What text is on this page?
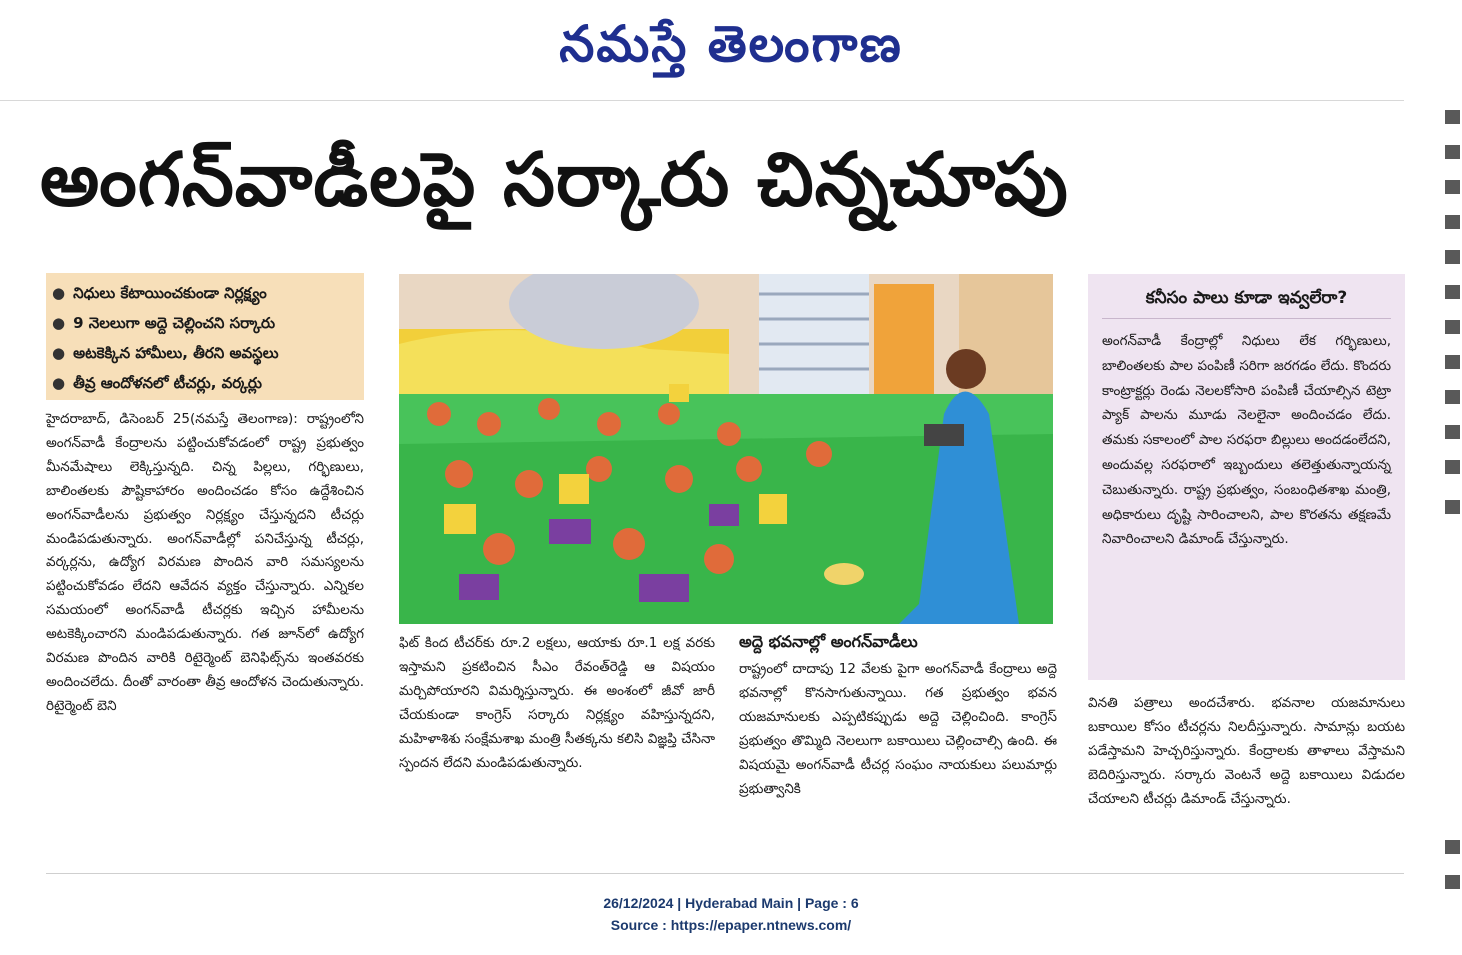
నమస్తే తెలంగాణ
అంగన్‌వాడీలపై సర్కారు చిన్నచూపు
● నిధులు కేటాయించకుండా నిర్లక్ష్యం
● 9 నెలలుగా అద్దె చెల్లించని సర్కారు
● అటకెక్కిన హామీలు, తీరని అవస్థలు
● తీవ్ర ఆందోళనలో టీచర్లు, వర్కర్లు

హైదరాబాద్, డిసెంబర్ 25(నమస్తే తెలంగాణ): రాష్ట్రంలోని అంగన్‌వాడీ కేంద్రాలను పట్టించుకోవడంలో రాష్ట్ర ప్రభుత్వం మీనమేషాలు లెక్కిస్తున్నది. చిన్న పిల్లలు, గర్భిణులు, బాలింతలకు పౌష్టికాహారం అందించడం కోసం ఉద్దేశించిన అంగన్‌వాడీలను ప్రభుత్వం నిర్లక్ష్యం చేస్తున్నదని టీచర్లు మండిపడుతున్నారు. అంగన్‌వాడీల్లో పనిచేస్తున్న టీచర్లు, వర్కర్లను, ఉద్యోగ విరమణ పొందిన వారి సమస్యలను పట్టించుకోవడం లేదని ఆవేదన వ్యక్తం చేస్తున్నారు. ఎన్నికల సమయంలో అంగన్‌వాడీ టీచర్లకు ఇచ్చిన హామీలను అటకెక్కించారని మండిపడుతున్నారు. గత జూన్‌లో ఉద్యోగ విరమణ పొందిన వారికి రిటైర్మెంట్ బెనిఫిట్స్‌ను ఇంతవరకు అందించలేదు. దీంతో వారంతా తీవ్ర ఆందోళన చెందుతున్నారు. రిటైర్మెంట్ బెని

ఫిట్ కింద టీచర్‌కు రూ.2 లక్షలు, ఆయాకు రూ.1 లక్ష వరకు ఇస్తామని ప్రకటించిన సీఎం రేవంత్‌రెడ్డి ఆ విషయం మర్చిపోయారని విమర్శిస్తున్నారు. ఈ అంశంలో జీవో జారీ చేయకుండా కాంగ్రెస్ సర్కారు నిర్లక్ష్యం వహిస్తున్నదని, మహిళాశిశు సంక్షేమశాఖ మంత్రి సీతక్కను కలిసి విజ్ఞప్తి చేసినా స్పందన లేదని మండిపడుతున్నారు.

అద్దె భవనాల్లో అంగన్‌వాడీలు

రాష్ట్రంలో దాదాపు 12 వేలకు పైగా అంగన్‌వాడీ కేంద్రాలు అద్దె భవనాల్లో కొనసాగుతున్నాయి. గత ప్రభుత్వం భవన యజమానులకు ఎప్పటికప్పుడు అద్దె చెల్లించింది. కాంగ్రెస్ ప్రభుత్వం తొమ్మిది నెలలుగా బకాయిలు చెల్లించాల్సి ఉంది. ఈ విషయమై అంగన్‌వాడీ టీచర్ల సంఘం నాయకులు పలుమార్లు ప్రభుత్వానికి

కనీసం పాలు కూడా ఇవ్వలేరా?
అంగన్‌వాడీ కేంద్రాల్లో నిధులు లేక గర్భిణులు, బాలింతలకు పాల పంపిణీ సరిగా జరగడం లేదు. కొందరు కాంట్రాక్టర్లు రెండు నెలలకోసారి పంపిణీ చేయాల్సిన టెట్రా ప్యాక్ పాలను మూడు నెలలైనా అందించడం లేదు. తమకు సకాలంలో పాల సరఫరా బిల్లులు అందడంలేదని, అందువల్ల సరఫరాలో ఇబ్బందులు తలెత్తుతున్నాయన్న చెబుతున్నారు. రాష్ట్ర ప్రభుత్వం, సంబంధితశాఖ మంత్రి, అధికారులు దృష్టి సారించాలని, పాల కొరతను తక్షణమే నివారించాలని డిమాండ్ చేస్తున్నారు.

వినతి పత్రాలు అందచేశారు. భవనాల యజమానులు బకాయిల కోసం టీచర్లను నిలదీస్తున్నారు. సామాన్లు బయట పడేస్తామని హెచ్చరిస్తున్నారు. కేంద్రాలకు తాళాలు వేస్తామని బెదిరిస్తున్నారు. సర్కారు వెంటనే అద్దె బకాయిలు విడుదల చేయాలని టీచర్లు డిమాండ్ చేస్తున్నారు.

26/12/2024 | Hyderabad Main | Page : 6
Source : https://epaper.ntnews.com/
